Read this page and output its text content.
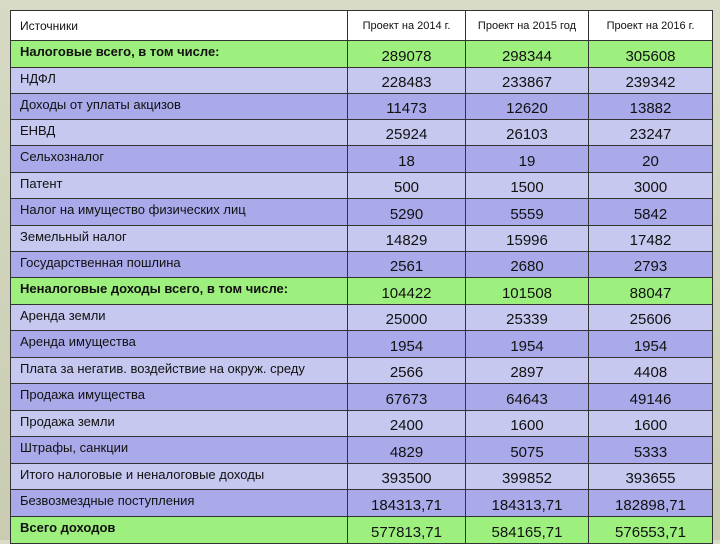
Источники	Проект на 2014 г.	Проект на 2015 год	Проект на 2016 г.
Налоговые всего, в том числе:	289078	298344	305608
НДФЛ	228483	233867	239342
Доходы от уплаты акцизов	11473	12620	13882
ЕНВД	25924	26103	23247
Сельхозналог	18	19	20
Патент	500	1500	3000
Налог на имущество физических лиц	5290	5559	5842
Земельный налог	14829	15996	17482
Государственная пошлина	2561	2680	2793
Неналоговые доходы всего, в том числе:	104422	101508	88047
Аренда земли	25000	25339	25606
Аренда имущества	1954	1954	1954
Плата за негатив. воздействие на окруж. среду	2566	2897	4408
Продажа имущества	67673	64643	49146
Продажа земли	2400	1600	1600
Штрафы, санкции	4829	5075	5333
Итого налоговые и неналоговые доходы	393500	399852	393655
Безвозмездные поступления	184313,71	184313,71	182898,71
Всего доходов	577813,71	584165,71	576553,71
